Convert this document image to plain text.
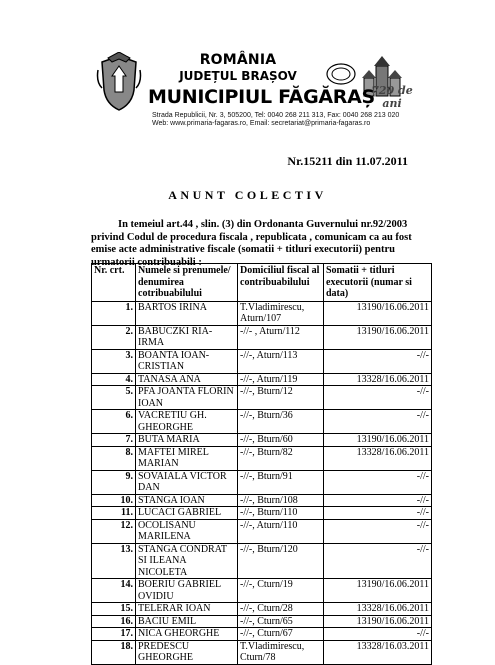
ROMÂNIA
JUDEȚUL BRAȘOV
MUNICIPIUL FĂGĂRAȘ
720 de ani
Strada Republicii, Nr. 3, 505200, Tel: 0040 268 211 313, Fax: 0040 268 213 020
Web: www.primaria-fagaras.ro, Email: secretariat@primaria-fagaras.ro
Nr.15211 din 11.07.2011
ANUNT COLECTIV
In temeiul art.44 , slin. (3) din Ordonanta Guvernului nr.92/2003 privind Codul de procedura fiscala , republicata , comunicam ca au fost emise acte administrative fiscale (somatii + titluri executorii) pentru urmatorii contribuabili :
Nr. crt.	Numele si prenumele/ denumirea cotribuabilului	Domiciliul fiscal al contribuabilului	Somatii + titluri executorii (numar si data)
1.	BARTOS IRINA	T.Vladimirescu, Aturn/107	13190/16.06.2011
2.	BABUCZKI RIA-IRMA	-//- , Aturn/112	13190/16.06.2011
3.	BOANTA IOAN-CRISTIAN	-//-, Aturn/113	-//-
4.	TANASA ANA	-//-, Aturn/119	13328/16.06.2011
5.	PFA JOANTA FLORIN IOAN	-//-, Bturn/12	-//-
6.	VACRETIU GH. GHEORGHE	-//-, Bturn/36	-//-
7.	BUTA MARIA	-//-, Bturn/60	13190/16.06.2011
8.	MAFTEI MIREL MARIAN	-//-, Bturn/82	13328/16.06.2011
9.	SOVAIALA VICTOR DAN	-//-, Bturn/91	-//-
10.	STANGA IOAN	-//-, Bturn/108	-//-
11.	LUCACI GABRIEL	-//-, Bturn/110	-//-
12.	OCOLISANU MARILENA	-//-, Aturn/110	-//-
13.	STANGA CONDRAT SI ILEANA NICOLETA	-//-, Bturn/120	-//-
14.	BOERIU GABRIEL OVIDIU	-//-, Cturn/19	13190/16.06.2011
15.	TELERAR IOAN	-//-, Cturn/28	13328/16.06.2011
16.	BACIU EMIL	-//-, Cturn/65	13190/16.06.2011
17.	NICA GHEORGHE	-//-, Cturn/67	-//-
18.	PREDESCU GHEORGHE	T.Vladimirescu, Cturn/78	13328/16.03.2011
